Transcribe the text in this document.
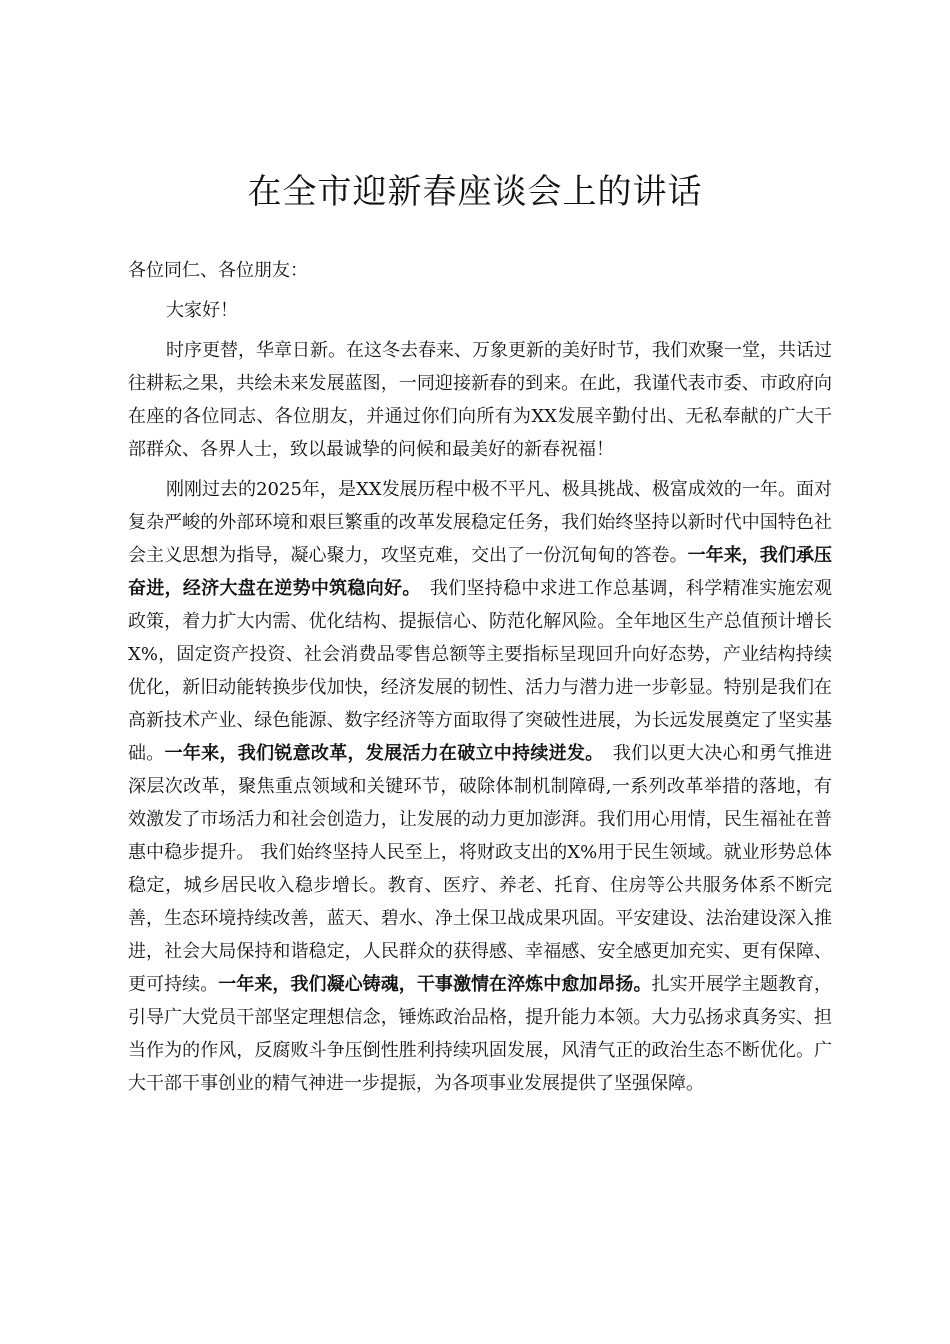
在全市迎新春座谈会上的讲话

各位同仁、各位朋友：

大家好！

时序更替，华章日新。在这冬去春来、万象更新的美好时节，我们欢聚一堂，共话过往耕耘之果，共绘未来发展蓝图，一同迎接新春的到来。在此，我谨代表市委、市政府向在座的各位同志、各位朋友，并通过你们向所有为XX发展辛勤付出、无私奉献的广大干部群众、各界人士，致以最诚挚的问候和最美好的新春祝福！

刚刚过去的2025年，是XX发展历程中极不平凡、极具挑战、极富成效的一年。面对复杂严峻的外部环境和艰巨繁重的改革发展稳定任务，我们始终坚持以新时代中国特色社会主义思想为指导，凝心聚力，攻坚克难，交出了一份沉甸甸的答卷。一年来，我们承压奋进，经济大盘在逆势中筑稳向好。　我们坚持稳中求进工作总基调，科学精准实施宏观政策，着力扩大内需、优化结构、提振信心、防范化解风险。全年地区生产总值预计增长X%，固定资产投资、社会消费品零售总额等主要指标呈现回升向好态势，产业结构持续优化，新旧动能转换步伐加快，经济发展的韧性、活力与潜力进一步彰显。特别是我们在高新技术产业、绿色能源、数字经济等方面取得了突破性进展，为长远发展奠定了坚实基础。一年来，我们锐意改革，发展活力在破立中持续迸发。　我们以更大决心和勇气推进深层次改革，聚焦重点领域和关键环节，破除体制机制障碍,一系列改革举措的落地，有效激发了市场活力和社会创造力，让发展的动力更加澎湃。我们用心用情，民生福祉在普惠中稳步提升。 我们始终坚持人民至上，将财政支出的X%用于民生领域。就业形势总体稳定，城乡居民收入稳步增长。教育、医疗、养老、托育、住房等公共服务体系不断完善，生态环境持续改善，蓝天、碧水、净土保卫战成果巩固。平安建设、法治建设深入推进，社会大局保持和谐稳定，人民群众的获得感、幸福感、安全感更加充实、更有保障、更可持续。一年来，我们凝心铸魂，干事激情在淬炼中愈加昂扬。扎实开展学主题教育，引导广大党员干部坚定理想信念，锤炼政治品格，提升能力本领。大力弘扬求真务实、担当作为的作风，反腐败斗争压倒性胜利持续巩固发展，风清气正的政治生态不断优化。广大干部干事创业的精气神进一步提振，为各项事业发展提供了坚强保障。
